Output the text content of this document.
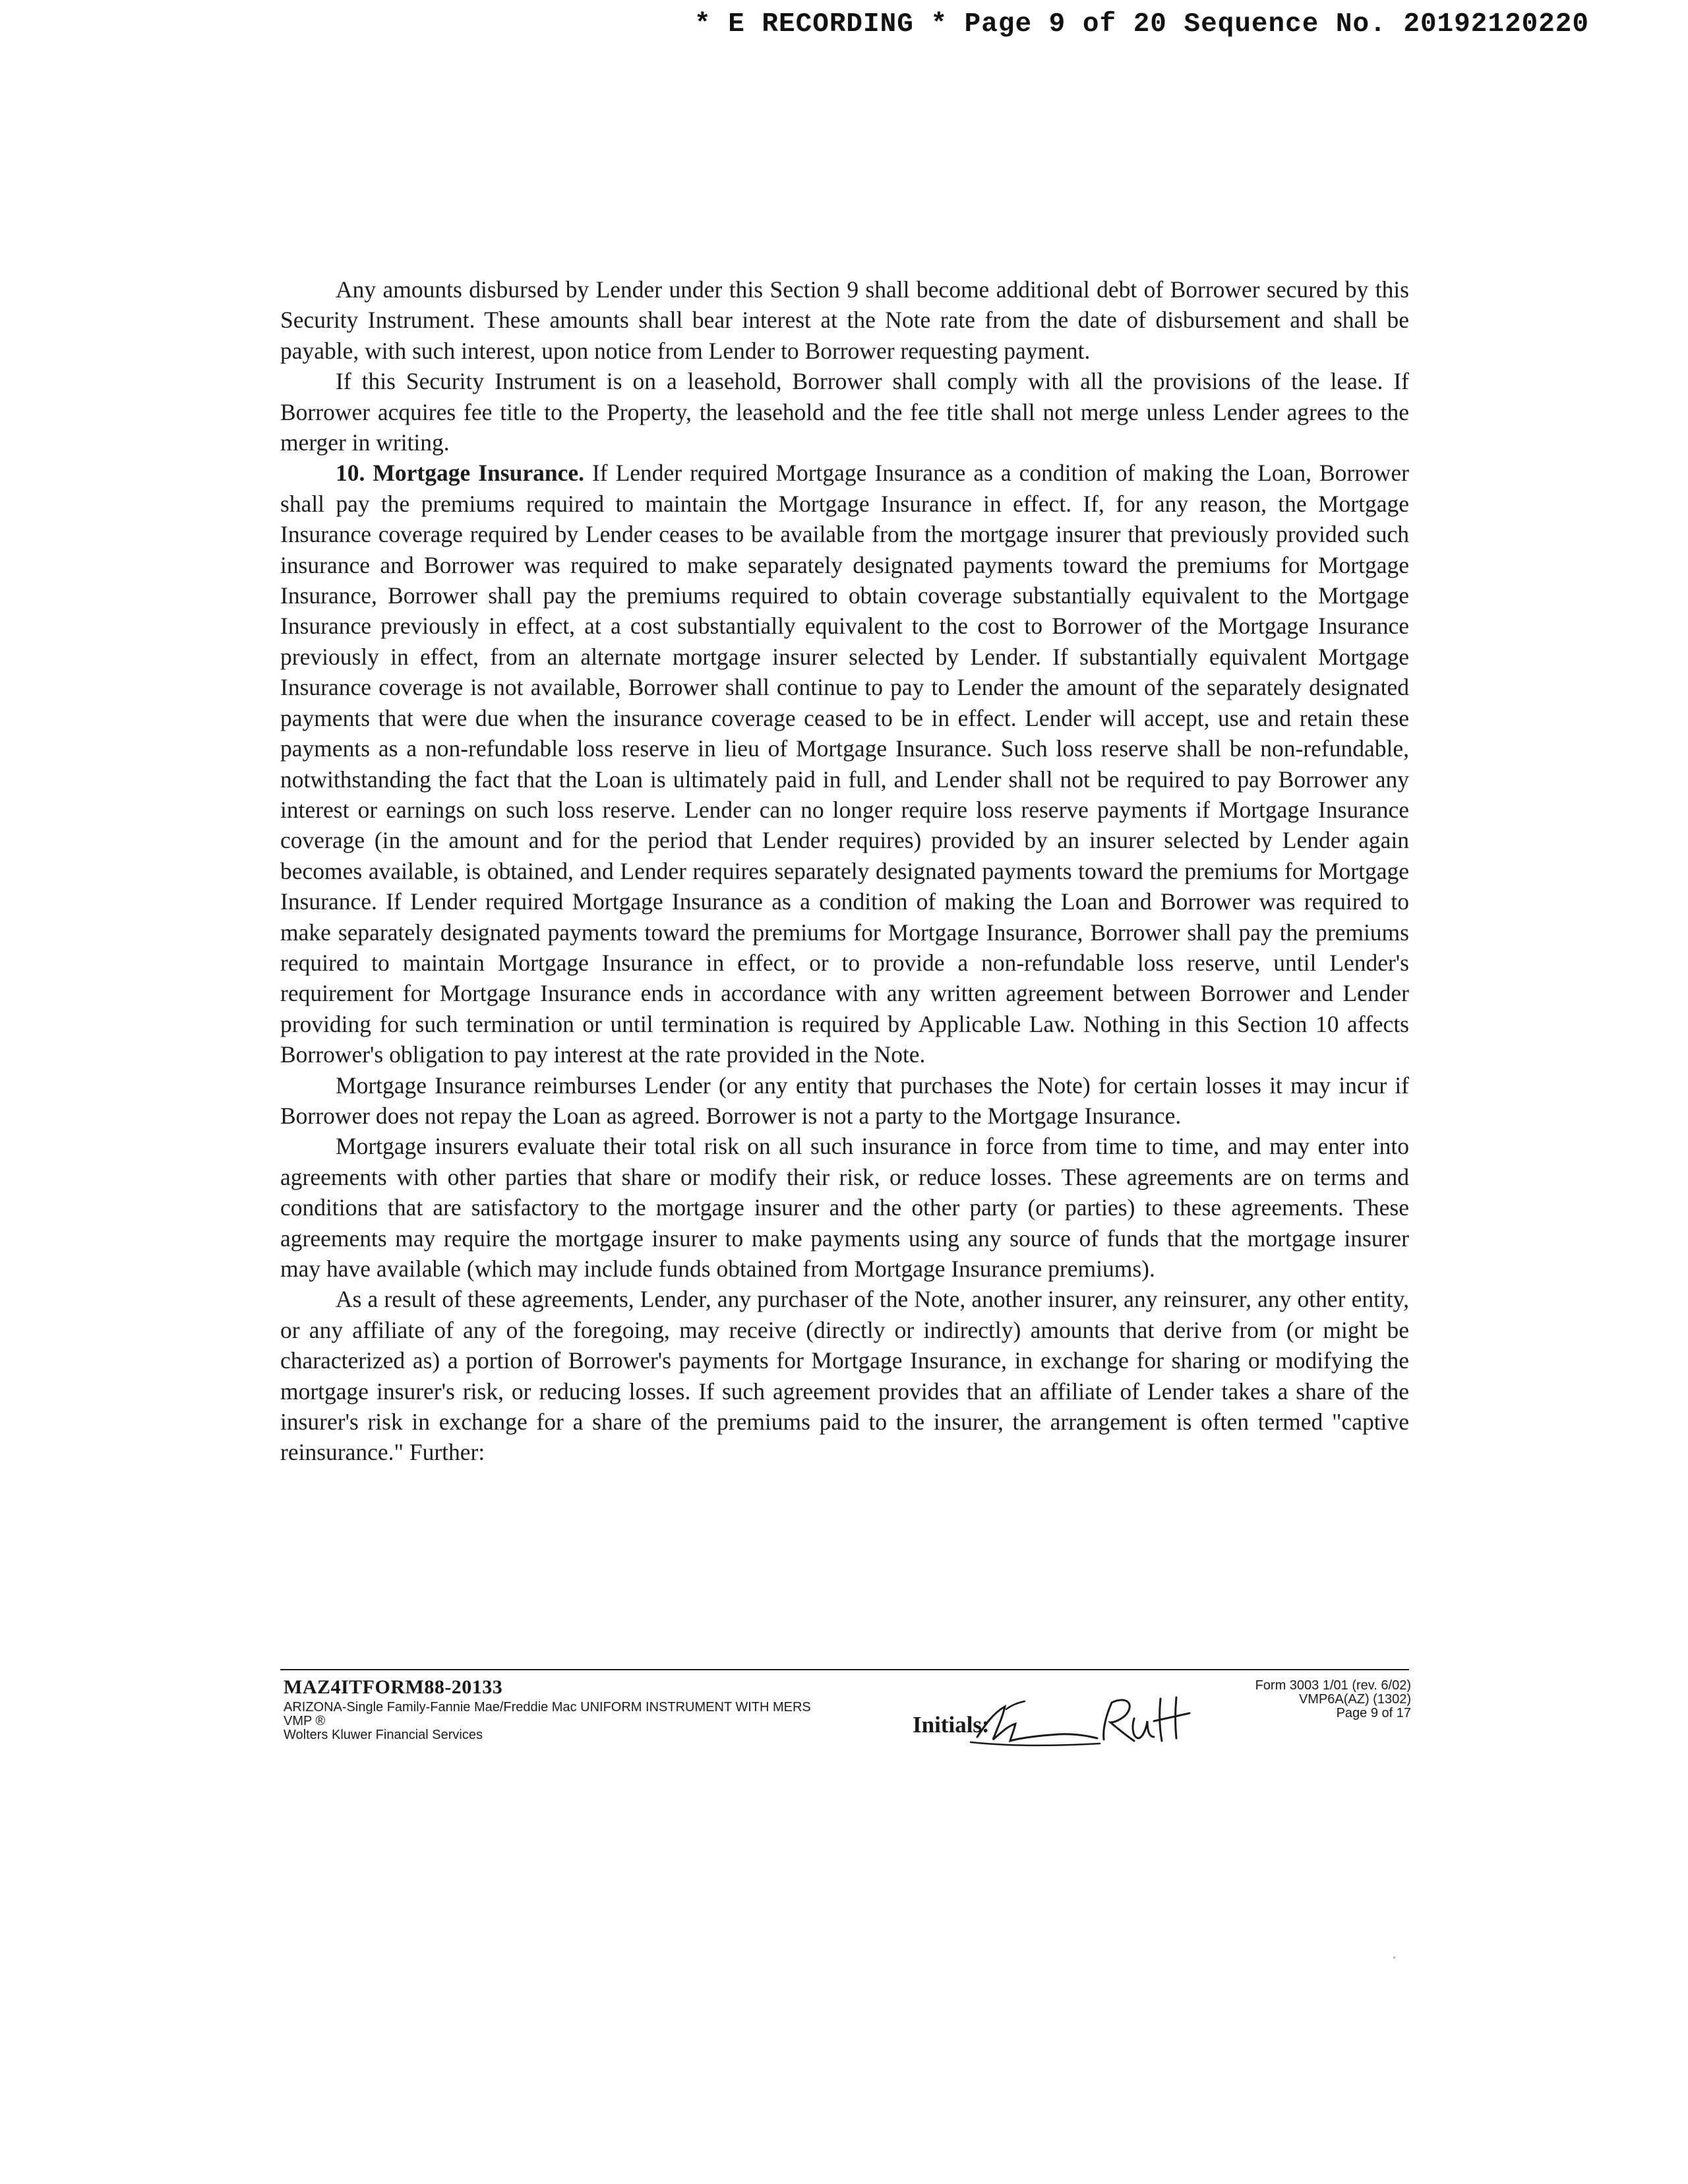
* E RECORDING * Page 9 of 20 Sequence No. 20192120220

Any amounts disbursed by Lender under this Section 9 shall become additional debt of Borrower secured by this Security Instrument. These amounts shall bear interest at the Note rate from the date of disbursement and shall be payable, with such interest, upon notice from Lender to Borrower requesting payment.

If this Security Instrument is on a leasehold, Borrower shall comply with all the provisions of the lease. If Borrower acquires fee title to the Property, the leasehold and the fee title shall not merge unless Lender agrees to the merger in writing.

10. Mortgage Insurance. If Lender required Mortgage Insurance as a condition of making the Loan, Borrower shall pay the premiums required to maintain the Mortgage Insurance in effect. If, for any reason, the Mortgage Insurance coverage required by Lender ceases to be available from the mortgage insurer that previously provided such insurance and Borrower was required to make separately designated payments toward the premiums for Mortgage Insurance, Borrower shall pay the premiums required to obtain coverage substantially equivalent to the Mortgage Insurance previously in effect, at a cost substantially equivalent to the cost to Borrower of the Mortgage Insurance previously in effect, from an alternate mortgage insurer selected by Lender. If substantially equivalent Mortgage Insurance coverage is not available, Borrower shall continue to pay to Lender the amount of the separately designated payments that were due when the insurance coverage ceased to be in effect. Lender will accept, use and retain these payments as a non-refundable loss reserve in lieu of Mortgage Insurance. Such loss reserve shall be non-refundable, notwithstanding the fact that the Loan is ultimately paid in full, and Lender shall not be required to pay Borrower any interest or earnings on such loss reserve. Lender can no longer require loss reserve payments if Mortgage Insurance coverage (in the amount and for the period that Lender requires) provided by an insurer selected by Lender again becomes available, is obtained, and Lender requires separately designated payments toward the premiums for Mortgage Insurance. If Lender required Mortgage Insurance as a condition of making the Loan and Borrower was required to make separately designated payments toward the premiums for Mortgage Insurance, Borrower shall pay the premiums required to maintain Mortgage Insurance in effect, or to provide a non-refundable loss reserve, until Lender's requirement for Mortgage Insurance ends in accordance with any written agreement between Borrower and Lender providing for such termination or until termination is required by Applicable Law. Nothing in this Section 10 affects Borrower's obligation to pay interest at the rate provided in the Note.

Mortgage Insurance reimburses Lender (or any entity that purchases the Note) for certain losses it may incur if Borrower does not repay the Loan as agreed. Borrower is not a party to the Mortgage Insurance.

Mortgage insurers evaluate their total risk on all such insurance in force from time to time, and may enter into agreements with other parties that share or modify their risk, or reduce losses. These agreements are on terms and conditions that are satisfactory to the mortgage insurer and the other party (or parties) to these agreements. These agreements may require the mortgage insurer to make payments using any source of funds that the mortgage insurer may have available (which may include funds obtained from Mortgage Insurance premiums).

As a result of these agreements, Lender, any purchaser of the Note, another insurer, any reinsurer, any other entity, or any affiliate of any of the foregoing, may receive (directly or indirectly) amounts that derive from (or might be characterized as) a portion of Borrower's payments for Mortgage Insurance, in exchange for sharing or modifying the mortgage insurer's risk, or reducing losses. If such agreement provides that an affiliate of Lender takes a share of the insurer's risk in exchange for a share of the premiums paid to the insurer, the arrangement is often termed "captive reinsurance." Further:

MAZ4ITFORM88-20133
ARIZONA-Single Family-Fannie Mae/Freddie Mac UNIFORM INSTRUMENT WITH MERS
VMP ®
Wolters Kluwer Financial Services	Initials:
Form 3003 1/01 (rev. 6/02)
VMP6A(AZ) (1302)
Page 9 of 17
